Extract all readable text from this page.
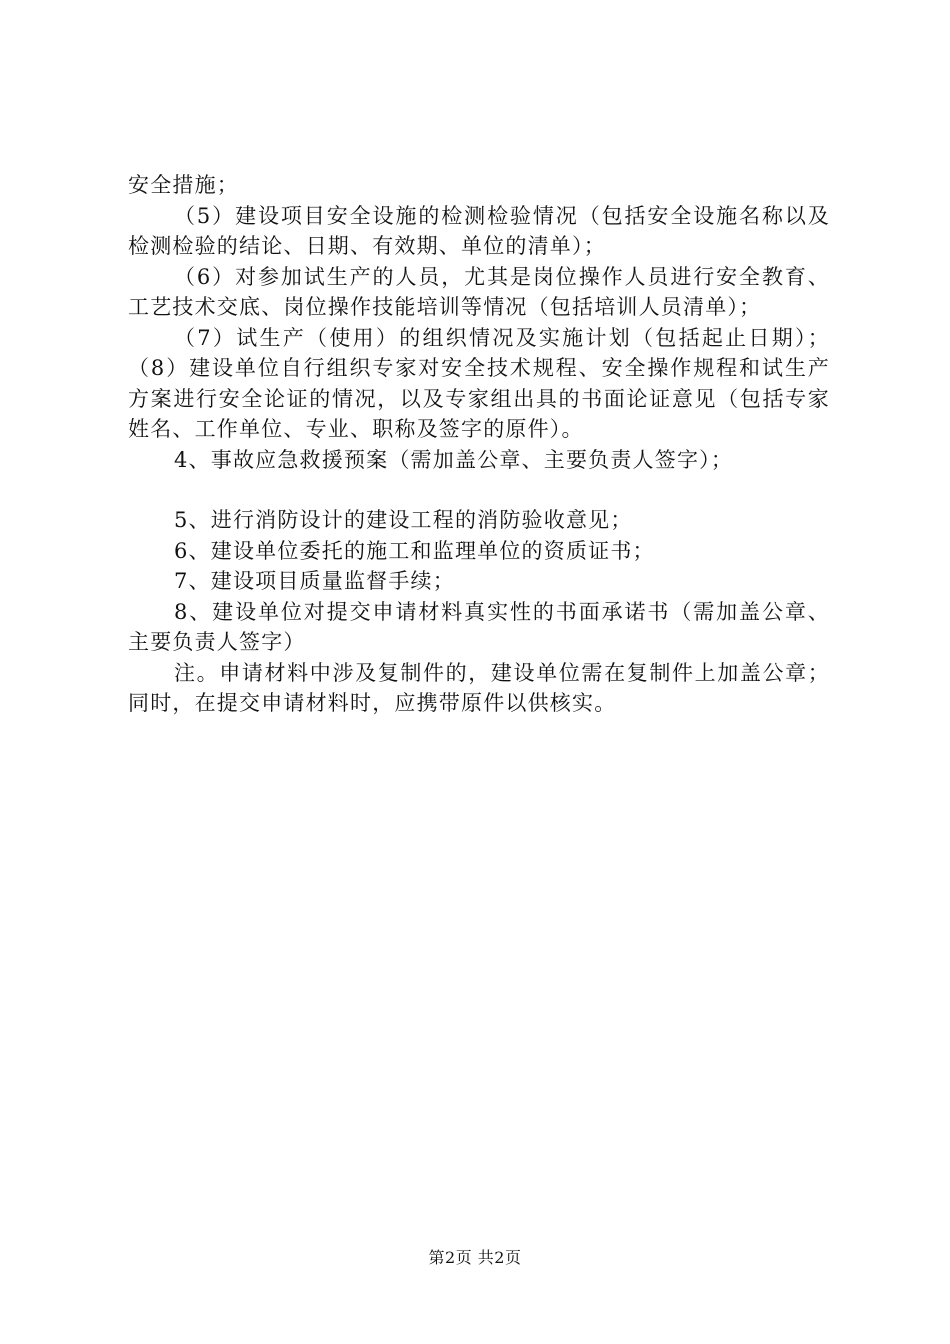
安全措施；

（5）建设项目安全设施的检测检验情况（包括安全设施名称以及检测检验的结论、日期、有效期、单位的清单）；

（6）对参加试生产的人员，尤其是岗位操作人员进行安全教育、工艺技术交底、岗位操作技能培训等情况（包括培训人员清单）；

（7）试生产（使用）的组织情况及实施计划（包括起止日期）；（8）建设单位自行组织专家对安全技术规程、安全操作规程和试生产方案进行安全论证的情况，以及专家组出具的书面论证意见（包括专家姓名、工作单位、专业、职称及签字的原件）。

4、事故应急救援预案（需加盖公章、主要负责人签字）；

5、进行消防设计的建设工程的消防验收意见；

6、建设单位委托的施工和监理单位的资质证书；

7、建设项目质量监督手续；

8、建设单位对提交申请材料真实性的书面承诺书（需加盖公章、主要负责人签字）

注。申请材料中涉及复制件的，建设单位需在复制件上加盖公章；同时，在提交申请材料时，应携带原件以供核实。

第2页 共2页
